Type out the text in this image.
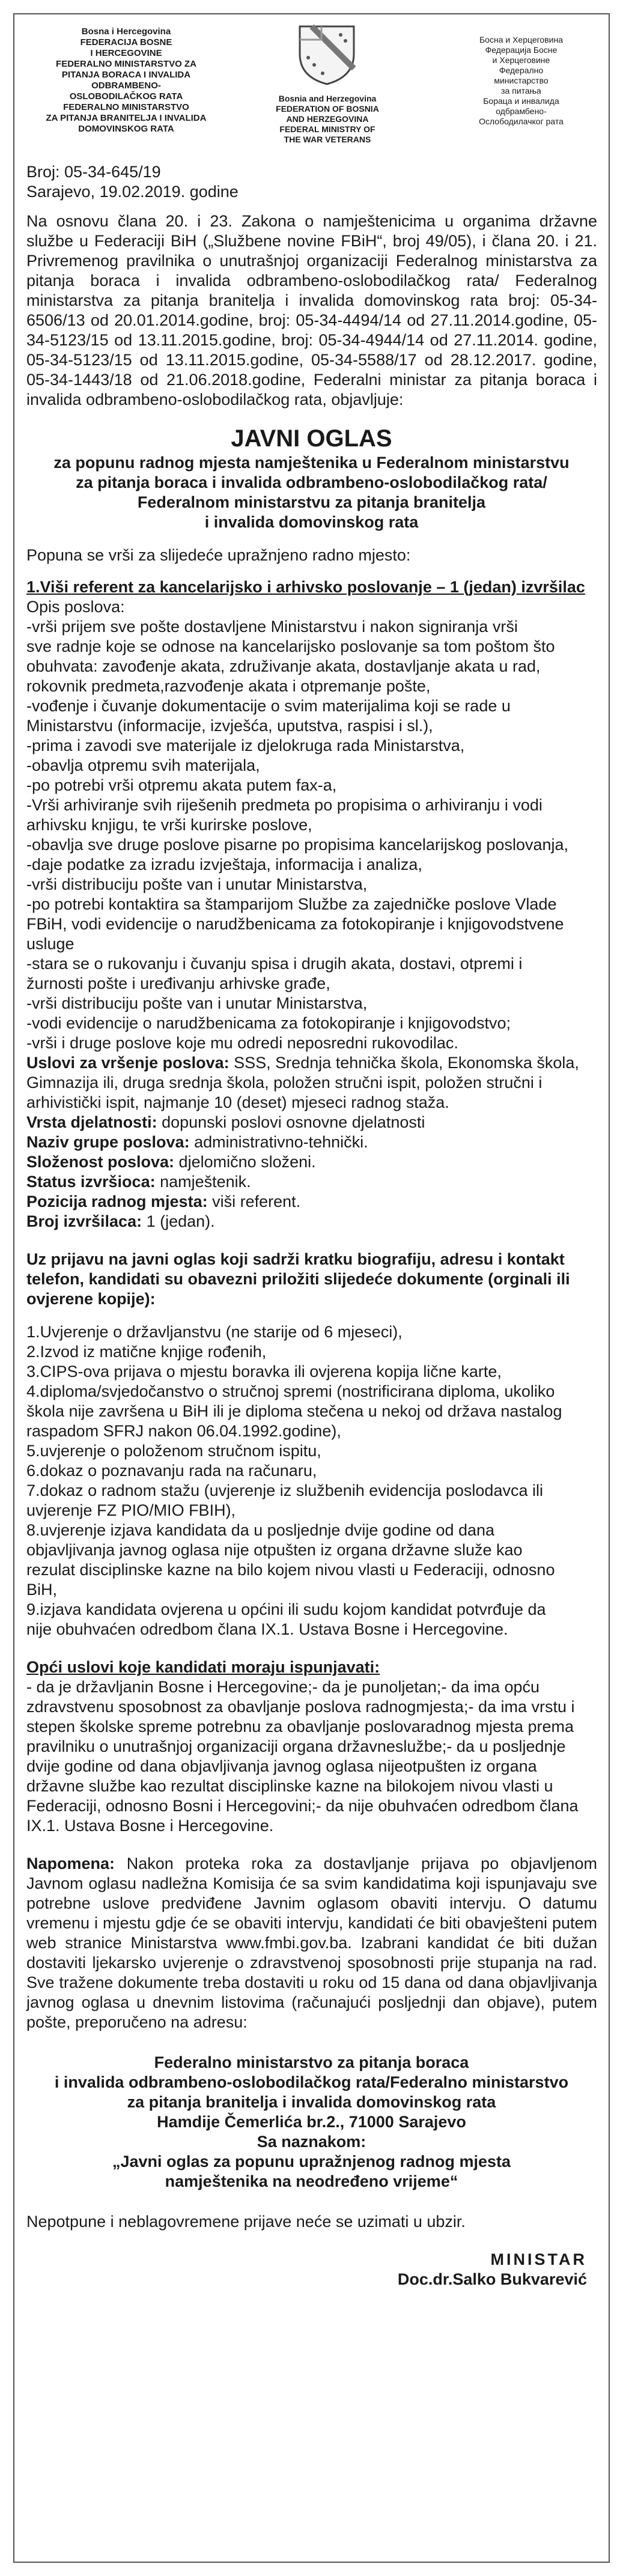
Bosna i Hercegovina
FEDERACIJA BOSNE
I HERCEGOVINE
FEDERALNO MINISTARSTVO ZA
PITANJA BORACA I INVALIDA
ODBRAMBENO-
OSLOBODILAČKOG RATA
FEDERALNO MINISTARSTVO
ZA PITANJA BRANITELJA I INVALIDA
DOMOVINSKOG RATA
Bosnia and Herzegovina
FEDERATION OF BOSNIA
AND HERZEGOVINA
FEDERAL MINISTRY OF
THE WAR VETERANS
Босна и Херцеговина
Федерација Босне
и Херцеговине
Федерално
министарство
за питања
Бораца и инвалида
одбрамбено-
Ослободилачког рата
Broj: 05-34-645/19
Sarajevo, 19.02.2019. godine
Na osnovu člana 20. i 23. Zakona o namještenicima u organima državne službe u Federaciji BiH („Službene novine FBiH“, broj 49/05), i člana 20. i 21. Privremenog pravilnika o unutrašnjoj organizaciji Federalnog ministarstva za pitanja boraca i invalida odbrambeno-oslobodilačkog rata/ Federalnog ministarstva za pitanja branitelja i invalida domovinskog rata broj: 05-34-6506/13 od 20.01.2014.godine, broj: 05-34-4494/14 od 27.11.2014.godine, 05-34-5123/15 od 13.11.2015.godine, broj: 05-34-4944/14 od 27.11.2014. godine, 05-34-5123/15 od 13.11.2015.godine, 05-34-5588/17 od 28.12.2017. godine, 05-34-1443/18 od 21.06.2018.godine, Federalni ministar za pitanja boraca i invalida odbrambeno-oslobodilačkog rata, objavljuje:
JAVNI OGLAS
za popunu radnog mjesta namještenika u Federalnom ministarstvu
za pitanja boraca i invalida odbrambeno-oslobodilačkog rata/
Federalnom ministarstvu za pitanja branitelja
i invalida domovinskog rata
Popuna se vrši za slijedeće upražnjeno radno mjesto:
1.Viši referent za kancelarijsko i arhivsko poslovanje – 1 (jedan) izvršilac
Opis poslova:
-vrši prijem sve pošte dostavljene Ministarstvu i nakon signiranja vrši
sve radnje koje se odnose na kancelarijsko poslovanje sa tom poštom što
obuhvata: zavođenje akata, združivanje akata, dostavljanje akata u rad,
rokovnik predmeta,razvođenje akata i otpremanje pošte,
-vođenje i čuvanje dokumentacije o svim materijalima koji se rade u
Ministarstvu (informacije, izvješća, uputstva, raspisi i sl.),
-prima i zavodi sve materijale iz djelokruga rada Ministarstva,
-obavlja otpremu svih materijala,
-po potrebi vrši otpremu akata putem fax-a,
-Vrši arhiviranje svih riješenih predmeta po propisima o arhiviranju i vodi
arhivsku knjigu, te vrši kurirske poslove,
-obavlja sve druge poslove pisarne po propisima kancelarijskog poslovanja,
-daje podatke za izradu izvještaja, informacija i analiza,
-vrši distribuciju pošte van i unutar Ministarstva,
-po potrebi kontaktira sa štamparijom Službe za zajedničke poslove Vlade
FBiH, vodi evidencije o narudžbenicama za fotokopiranje i knjigovodstvene
usluge
-stara se o rukovanju i čuvanju spisa i drugih akata, dostavi, otpremi i
žurnosti pošte i uređivanju arhivske građe,
-vrši distribuciju pošte van i unutar Ministarstva,
-vodi evidencije o narudžbenicama za fotokopiranje i knjigovodstvo;
-vrši i druge poslove koje mu odredi neposredni rukovodilac.
Uslovi za vršenje poslova: SSS, Srednja tehnička škola, Ekonomska škola, Gimnazija ili, druga srednja škola, položen stručni ispit, položen stručni i arhivistički ispit, najmanje 10 (deset) mjeseci radnog staža.
Vrsta djelatnosti: dopunski poslovi osnovne djelatnosti
Naziv grupe poslova: administrativno-tehnički.
Složenost poslova: djelomično složeni.
Status izvršioca: namještenik.
Pozicija radnog mjesta: viši referent.
Broj izvršilaca: 1 (jedan).
Uz prijavu na javni oglas koji sadrži kratku biografiju, adresu i kontakt telefon, kandidati su obavezni priložiti slijedeće dokumente (orginali ili ovjerene kopije):
1.Uvjerenje o državljanstvu (ne starije od 6 mjeseci),
2.Izvod iz matične knjige rođenih,
3.CIPS-ova prijava o mjestu boravka ili ovjerena kopija lične karte,
4.diploma/svjedočanstvo o stručnoj spremi (nostrificirana diploma, ukoliko
škola nije završena u BiH ili je diploma stečena u nekoj od država nastalog
raspadom SFRJ nakon 06.04.1992.godine),
5.uvjerenje o položenom stručnom ispitu,
6.dokaz o poznavanju rada na računaru,
7.dokaz o radnom stažu (uvjerenje iz službenih evidencija poslodavca ili
uvjerenje FZ PIO/MIO FBIH),
8.uvjerenje izjava kandidata da u posljednje dvije godine od dana
objavljivanja javnog oglasa nije otpušten iz organa državne služe kao
rezulat disciplinske kazne na bilo kojem nivou vlasti u Federaciji, odnosno
BiH,
9.izjava kandidata ovjerena u općini ili sudu kojom kandidat potvrđuje da
nije obuhvaćen odredbom člana IX.1. Ustava Bosne i Hercegovine.
Opći uslovi koje kandidati moraju ispunjavati:
- da je državljanin Bosne i Hercegovine;- da je punoljetan;- da ima opću zdravstvenu sposobnost za obavljanje poslova radnogmjesta;- da ima vrstu i stepen školske spreme potrebnu za obavljanje poslovaradnog mjesta prema pravilniku o unutrašnjoj organizaciji organa državneslužbe;- da u posljednje dvije godine od dana objavljivanja javnog oglasa nijeotpušten iz organa državne službe kao rezultat disciplinske kazne na bilokojem nivou vlasti u Federaciji, odnosno Bosni i Hercegovini;- da nije obuhvaćen odredbom člana IX.1. Ustava Bosne i Hercegovine.
Napomena: Nakon proteka roka za dostavljanje prijava po objavljenom Javnom oglasu nadležna Komisija će sa svim kandidatima koji ispunjavaju sve potrebne uslove predviđene Javnim oglasom obaviti intervju. O datumu vremenu i mjestu gdje će se obaviti intervju, kandidati će biti obavješteni putem web stranice Ministarstva www.fmbi.gov.ba. Izabrani kandidat će biti dužan dostaviti ljekarsko uvjerenje o zdravstvenoj sposobnosti prije stupanja na rad. Sve tražene dokumente treba dostaviti u roku od 15 dana od dana objavljivanja javnog oglasa u dnevnim listovima (računajući posljednji dan objave), putem pošte, preporučeno na adresu:
Federalno ministarstvo za pitanja boraca
i invalida odbrambeno-oslobodilačkog rata/Federalno ministarstvo
za pitanja branitelja i invalida domovinskog rata
Hamdije Čemerlića br.2., 71000 Sarajevo
Sa naznakom:
„Javni oglas za popunu upražnjenog radnog mjesta
namještenika na neodređeno vrijeme“
Nepotpune i neblagovremene prijave neće se uzimati u ubzir.
MINISTAR
Doc.dr.Salko Bukvarević
